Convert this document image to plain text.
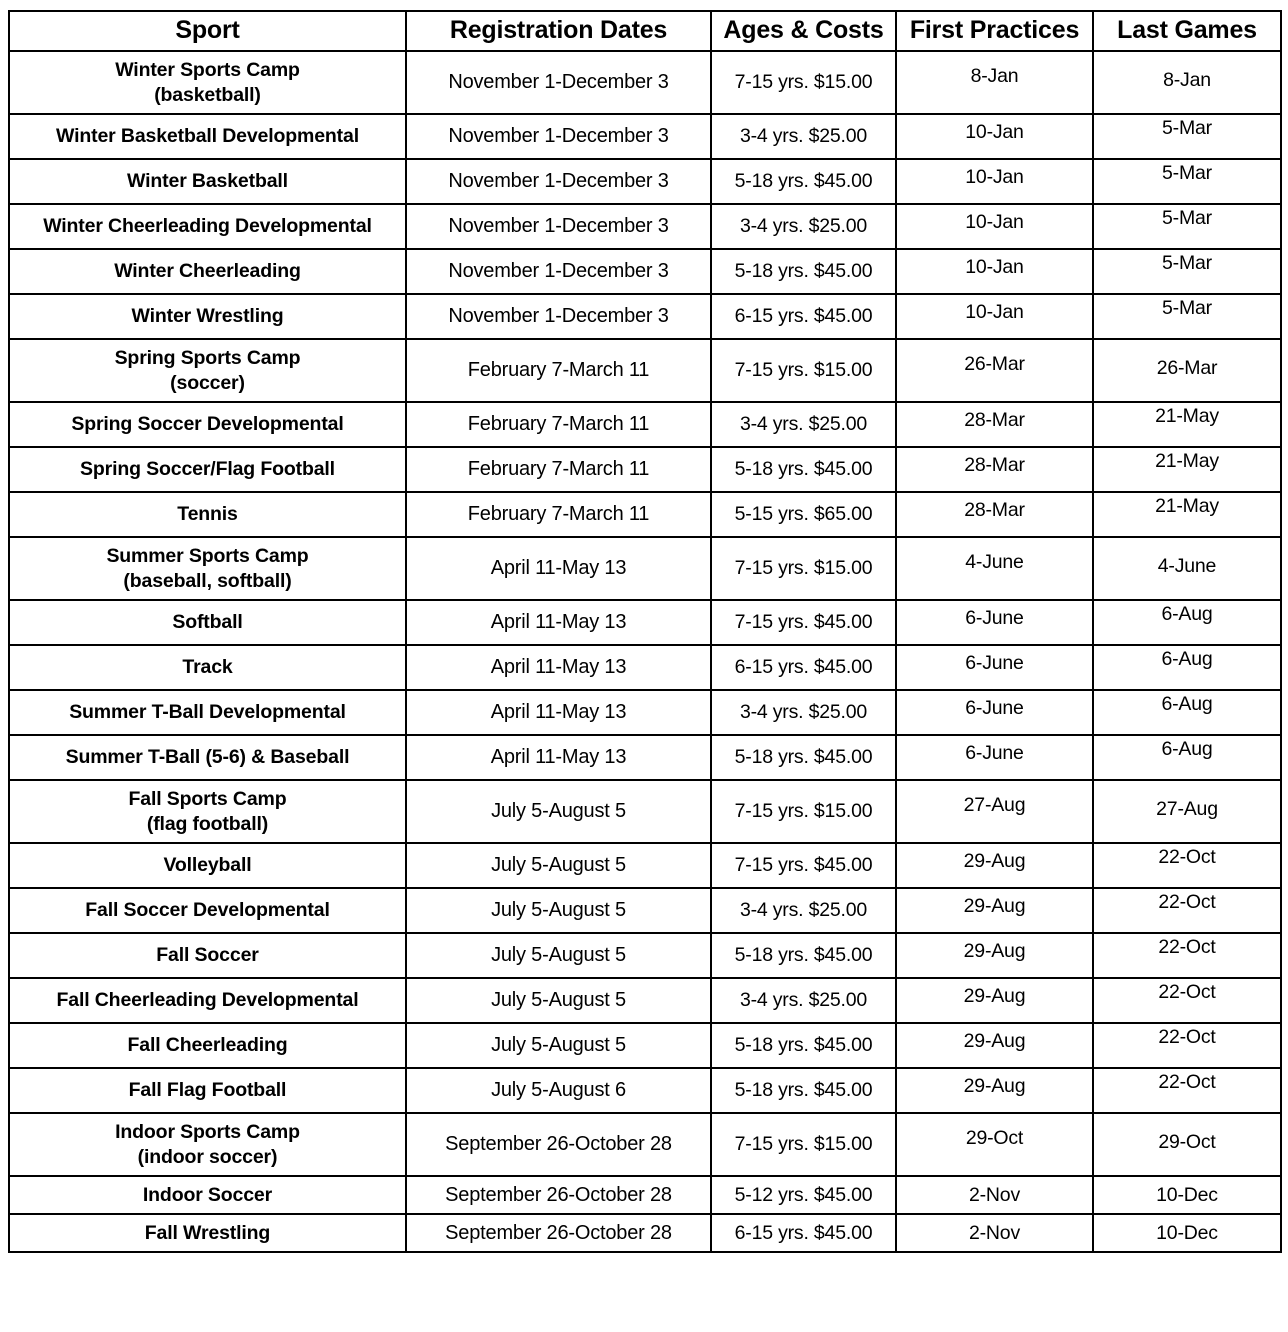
Sport	Registration Dates	Ages & Costs	First Practices	Last Games

Winter Sports Camp
(basketball)	November 1-December 3	7-15 yrs. $15.00	8-Jan	8-Jan

Winter Basketball Developmental	November 1-December 3	3-4 yrs. $25.00	10-Jan	5-Mar

Winter Basketball	November 1-December 3	5-18 yrs. $45.00	10-Jan	5-Mar

Winter Cheerleading Developmental	November 1-December 3	3-4 yrs. $25.00	10-Jan	5-Mar

Winter Cheerleading	November 1-December 3	5-18 yrs. $45.00	10-Jan	5-Mar

Winter Wrestling	November 1-December 3	6-15 yrs. $45.00	10-Jan	5-Mar

Spring Sports Camp
(soccer)	February 7-March 11	7-15 yrs. $15.00	26-Mar	26-Mar

Spring Soccer Developmental	February 7-March 11	3-4 yrs. $25.00	28-Mar	21-May

Spring Soccer/Flag Football	February 7-March 11	5-18 yrs. $45.00	28-Mar	21-May

Tennis	February 7-March 11	5-15 yrs. $65.00	28-Mar	21-May

Summer Sports Camp
(baseball, softball)	April 11-May 13	7-15 yrs. $15.00	4-June	4-June

Softball	April 11-May 13	7-15 yrs. $45.00	6-June	6-Aug

Track	April 11-May 13	6-15 yrs. $45.00	6-June	6-Aug

Summer T-Ball Developmental	April 11-May 13	3-4 yrs. $25.00	6-June	6-Aug

Summer T-Ball (5-6) & Baseball	April 11-May 13	5-18 yrs. $45.00	6-June	6-Aug

Fall Sports Camp
(flag football)	July 5-August 5	7-15 yrs. $15.00	27-Aug	27-Aug

Volleyball	July 5-August 5	7-15 yrs. $45.00	29-Aug	22-Oct

Fall Soccer Developmental	July 5-August 5	3-4 yrs. $25.00	29-Aug	22-Oct

Fall Soccer	July 5-August 5	5-18 yrs. $45.00	29-Aug	22-Oct

Fall Cheerleading Developmental	July 5-August 5	3-4 yrs. $25.00	29-Aug	22-Oct

Fall Cheerleading	July 5-August 5	5-18 yrs. $45.00	29-Aug	22-Oct

Fall Flag Football	July 5-August 6	5-18 yrs. $45.00	29-Aug	22-Oct

Indoor Sports Camp
(indoor soccer)	September 26-October 28	7-15 yrs. $15.00	29-Oct	29-Oct

Indoor Soccer	September 26-October 28	5-12 yrs. $45.00	2-Nov	10-Dec

Fall Wrestling	September 26-October 28	6-15 yrs. $45.00	2-Nov	10-Dec
